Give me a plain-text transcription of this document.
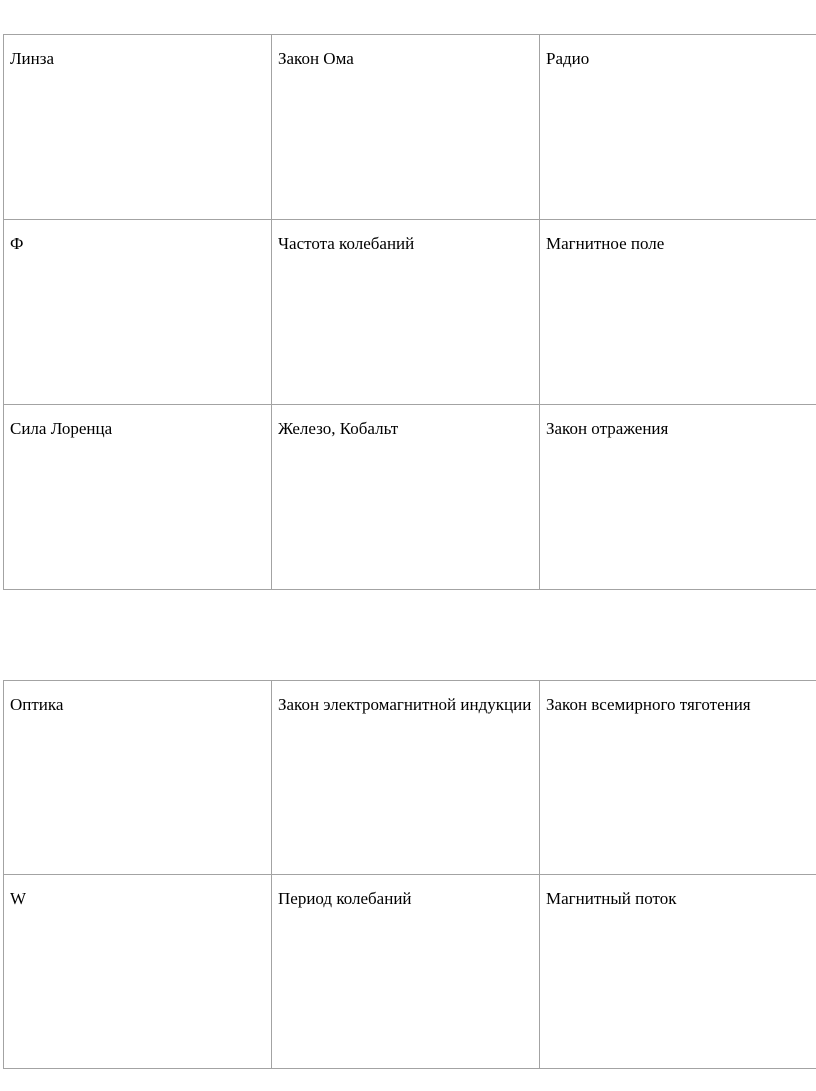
Линза	Закон Ома	Радио
Ф	Частота колебаний	Магнитное поле
Сила Лоренца	Железо, Кобальт	Закон отражения
Оптика	Закон электромагнитной индукции	Закон всемирного тяготения
W	Период колебаний	Магнитный поток
